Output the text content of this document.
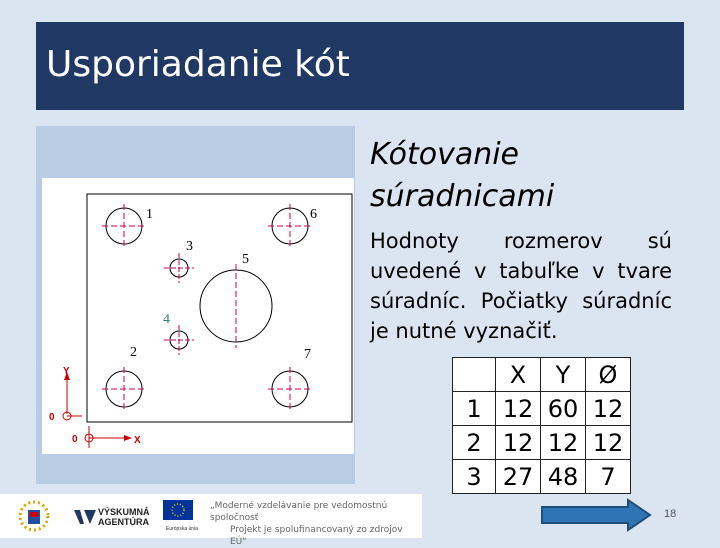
Usporiadanie kót
1
2
3
4
5
6
7
Y
0
X
0
Kótovanie súradnicami
Hodnoty rozmerov sú uvedené v tabuľke v tvare súradníc. Počiatky súradníc je nutné vyznačiť.
	X	Y	Ø
1	12	60	12
2	12	12	12
3	27	48	7
VÝSKUMNÁ
AGENTÚRA
Európska únia
„Moderné vzdelávanie pre vedomostnú spoločnosť
Projekt je spolufinancovaný zo zdrojov EÚ"
18
